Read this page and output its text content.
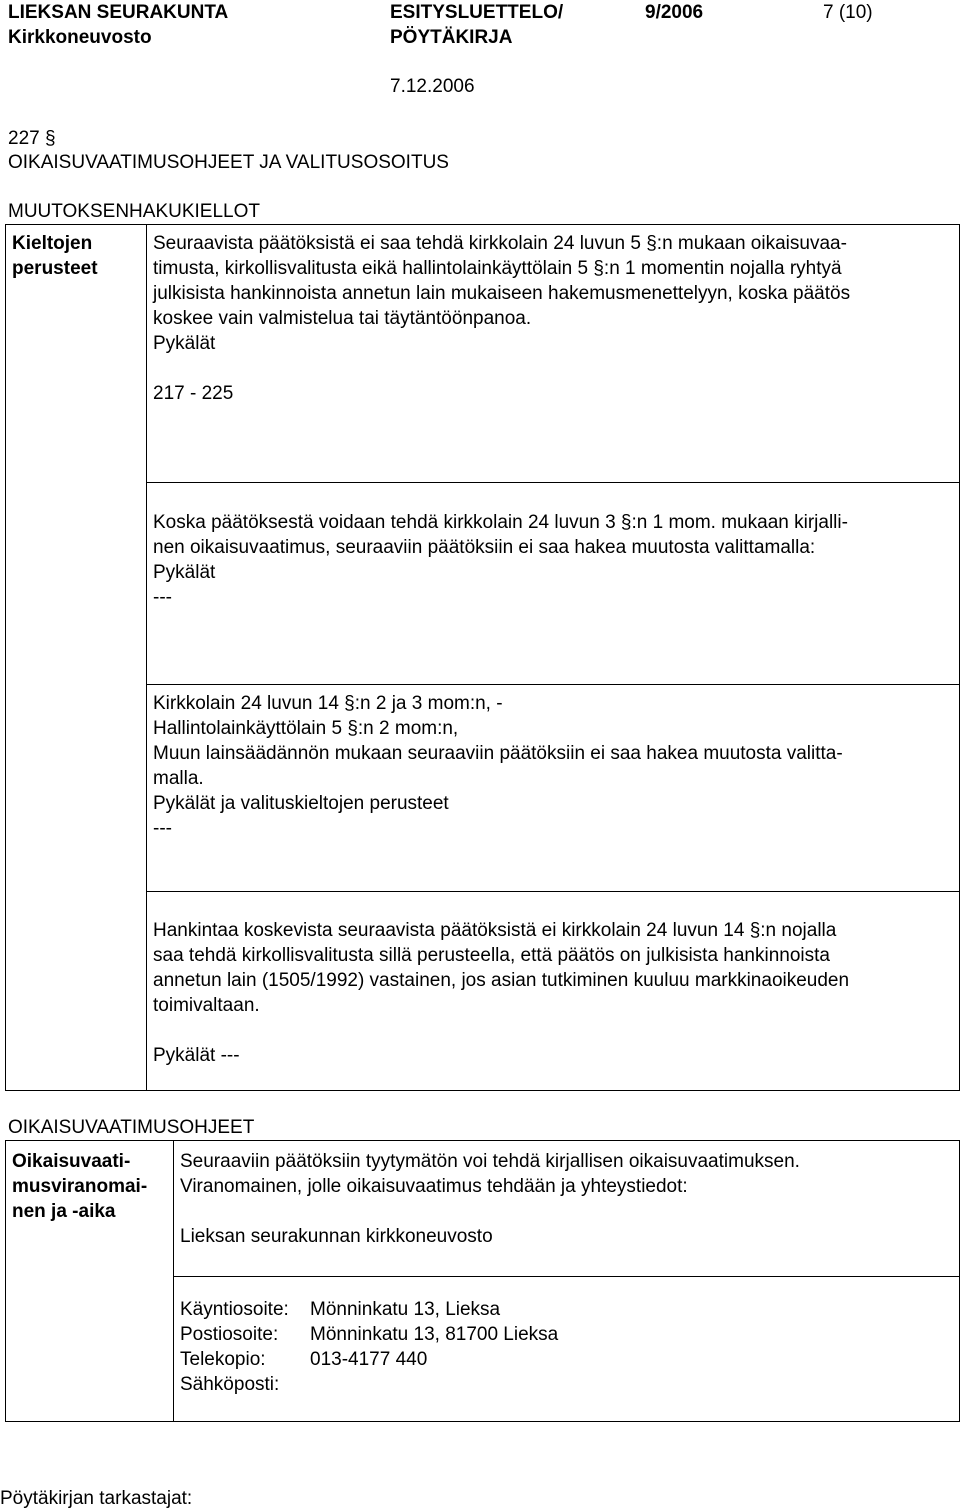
LIEKSAN SEURAKUNTA
Kirkkoneuvosto
ESITYSLUETTELO/
PÖYTÄKIRJA
9/2006	7 (10)
7.12.2006
227 §
OIKAISUVAATIMUSOHJEET JA VALITUSOSOITUS
MUUTOKSENHAKUKIELLOT
Kieltojen
perusteet
Seuraavista päätöksistä ei saa tehdä kirkkolain 24 luvun 5 §:n mukaan oikaisuvaa-
timusta, kirkollisvalitusta eikä hallintolainkäyttölain 5 §:n 1 momentin nojalla ryhtyä
julkisista hankinnoista annetun lain mukaiseen hakemusmenettelyyn, koska päätös
koskee vain valmistelua tai täytäntöönpanoa.
Pykälät
217 - 225
Koska päätöksestä voidaan tehdä kirkkolain 24 luvun 3 §:n 1 mom. mukaan kirjalli-
nen oikaisuvaatimus, seuraaviin päätöksiin ei saa hakea muutosta valittamalla:
Pykälät
---
Kirkkolain 24 luvun 14 §:n 2 ja 3 mom:n, -
Hallintolainkäyttölain 5 §:n 2 mom:n,
Muun lainsäädännön mukaan seuraaviin päätöksiin ei saa hakea muutosta valitta-
malla.
Pykälät ja valituskieltojen perusteet
---
Hankintaa koskevista seuraavista päätöksistä ei kirkkolain 24 luvun 14 §:n nojalla
saa tehdä kirkollisvalitusta sillä perusteella, että päätös on julkisista hankinnoista
annetun lain (1505/1992) vastainen, jos asian tutkiminen kuuluu markkinaoikeuden
toimivaltaan.
Pykälät ---
OIKAISUVAATIMUSOHJEET
Oikaisuvaati-
musviranomai-
nen ja -aika
Seuraaviin päätöksiin tyytymätön voi tehdä kirjallisen oikaisuvaatimuksen.
Viranomainen, jolle oikaisuvaatimus tehdään ja yhteystiedot:
Lieksan seurakunnan kirkkoneuvosto
Käyntiosoite: Mönninkatu 13, Lieksa
Postiosoite: Mönninkatu 13, 81700 Lieksa
Telekopio: 013-4177 440
Sähköposti:
Pöytäkirjan tarkastajat:
